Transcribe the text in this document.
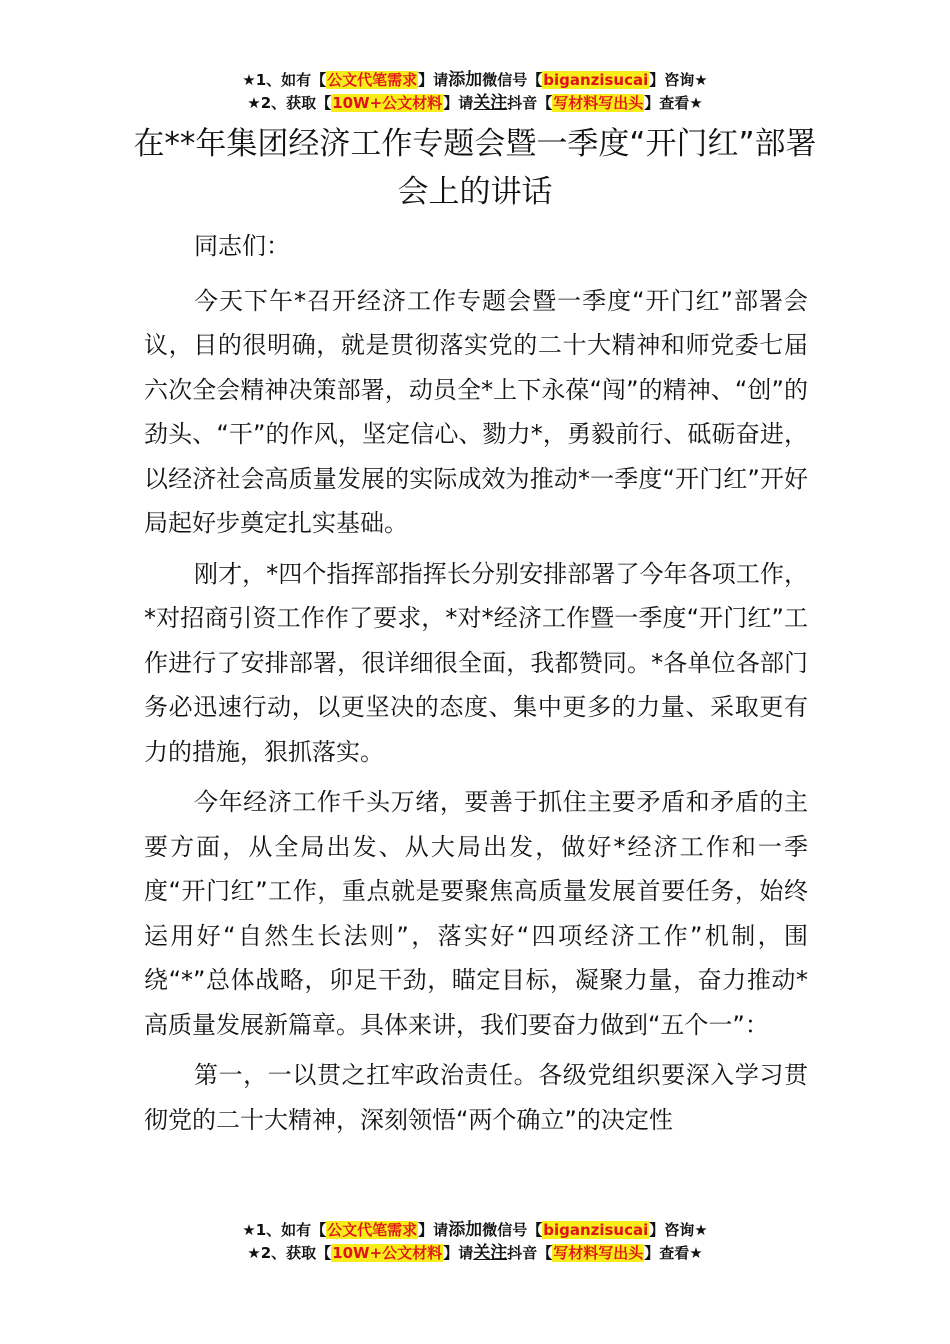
★1、如有【公文代笔需求】请添加微信号【biganzisucai】咨询★
★2、获取【10W+公文材料】请关注抖音【写材料写出头】查看★
在**年集团经济工作专题会暨一季度“开门红”部署会上的讲话

同志们：

今天下午*召开经济工作专题会暨一季度“开门红”部署会议，目的很明确，就是贯彻落实党的二十大精神和师党委七届六次全会精神决策部署，动员全*上下永葆“闯”的精神、“创”的劲头、“干”的作风，坚定信心、勠力*，勇毅前行、砥砺奋进，以经济社会高质量发展的实际成效为推动*一季度“开门红”开好局起好步奠定扎实基础。

刚才，*四个指挥部指挥长分别安排部署了今年各项工作，*对招商引资工作作了要求，*对*经济工作暨一季度“开门红”工作进行了安排部署，很详细很全面，我都赞同。*各单位各部门务必迅速行动，以更坚决的态度、集中更多的力量、采取更有力的措施，狠抓落实。

今年经济工作千头万绪，要善于抓住主要矛盾和矛盾的主要方面，从全局出发、从大局出发，做好*经济工作和一季度“开门红”工作，重点就是要聚焦高质量发展首要任务，始终运用好“自然生长法则”，落实好“四项经济工作”机制，围绕“*”总体战略，卯足干劲，瞄定目标，凝聚力量，奋力推动*高质量发展新篇章。具体来讲，我们要奋力做到“五个一”：

第一，一以贯之扛牢政治责任。各级党组织要深入学习贯彻党的二十大精神，深刻领悟“两个确立”的决定性

★1、如有【公文代笔需求】请添加微信号【biganzisucai】咨询★
★2、获取【10W+公文材料】请关注抖音【写材料写出头】查看★
